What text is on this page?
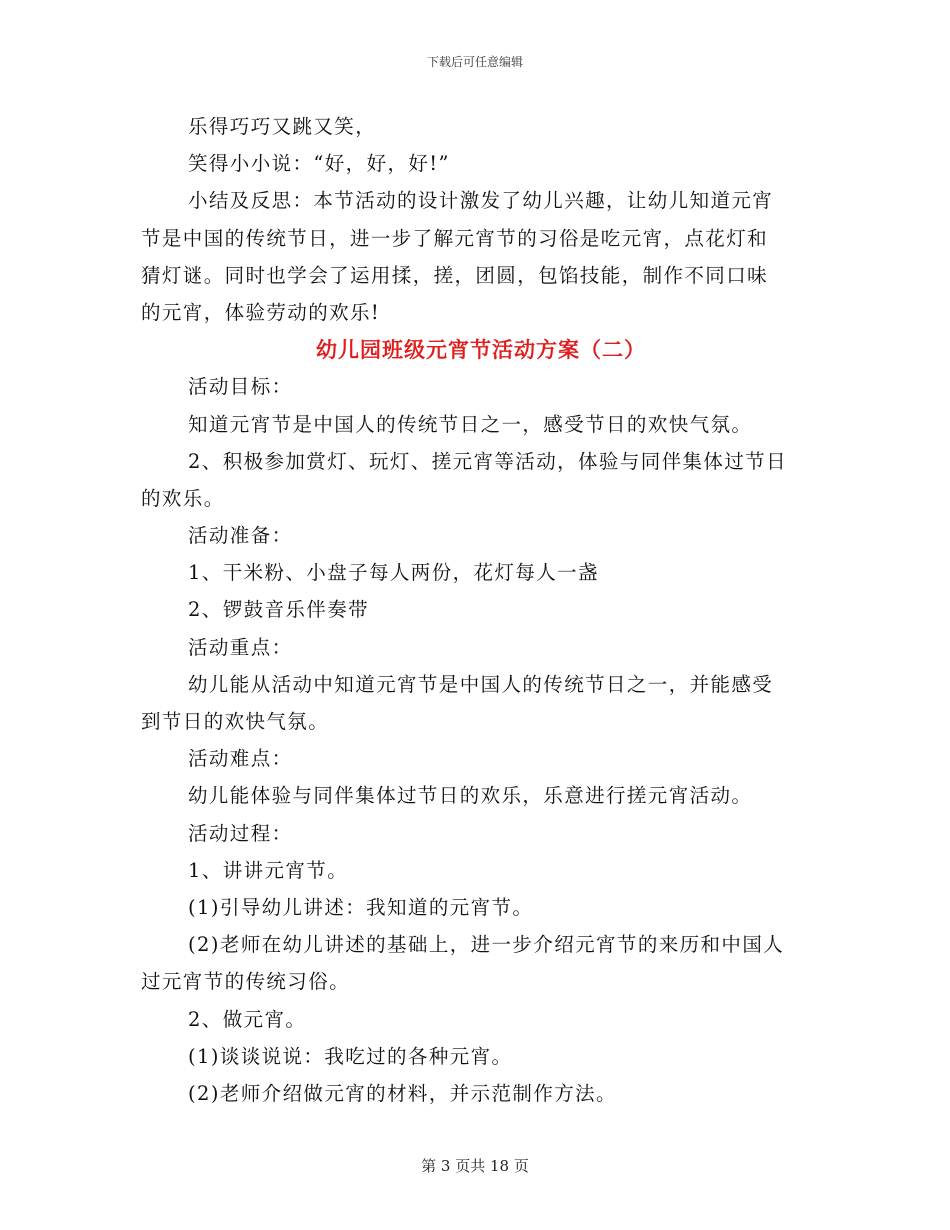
下载后可任意编辑
乐得巧巧又跳又笑，
笑得小小说：“好，好，好!”
小结及反思：本节活动的设计激发了幼儿兴趣，让幼儿知道元宵
节是中国的传统节日，进一步了解元宵节的习俗是吃元宵，点花灯和
猜灯谜。同时也学会了运用揉，搓，团圆，包馅技能，制作不同口味
的元宵，体验劳动的欢乐!
幼儿园班级元宵节活动方案（二）
活动目标：
知道元宵节是中国人的传统节日之一，感受节日的欢快气氛。
2、积极参加赏灯、玩灯、搓元宵等活动，体验与同伴集体过节日
的欢乐。
活动准备：
1、干米粉、小盘子每人两份，花灯每人一盏
2、锣鼓音乐伴奏带
活动重点：
幼儿能从活动中知道元宵节是中国人的传统节日之一，并能感受
到节日的欢快气氛。
活动难点：
幼儿能体验与同伴集体过节日的欢乐，乐意进行搓元宵活动。
活动过程：
1、讲讲元宵节。
(1)引导幼儿讲述：我知道的元宵节。
(2)老师在幼儿讲述的基础上，进一步介绍元宵节的来历和中国人
过元宵节的传统习俗。
2、做元宵。
(1)谈谈说说：我吃过的各种元宵。
(2)老师介绍做元宵的材料，并示范制作方法。
第 3 页共 18 页
